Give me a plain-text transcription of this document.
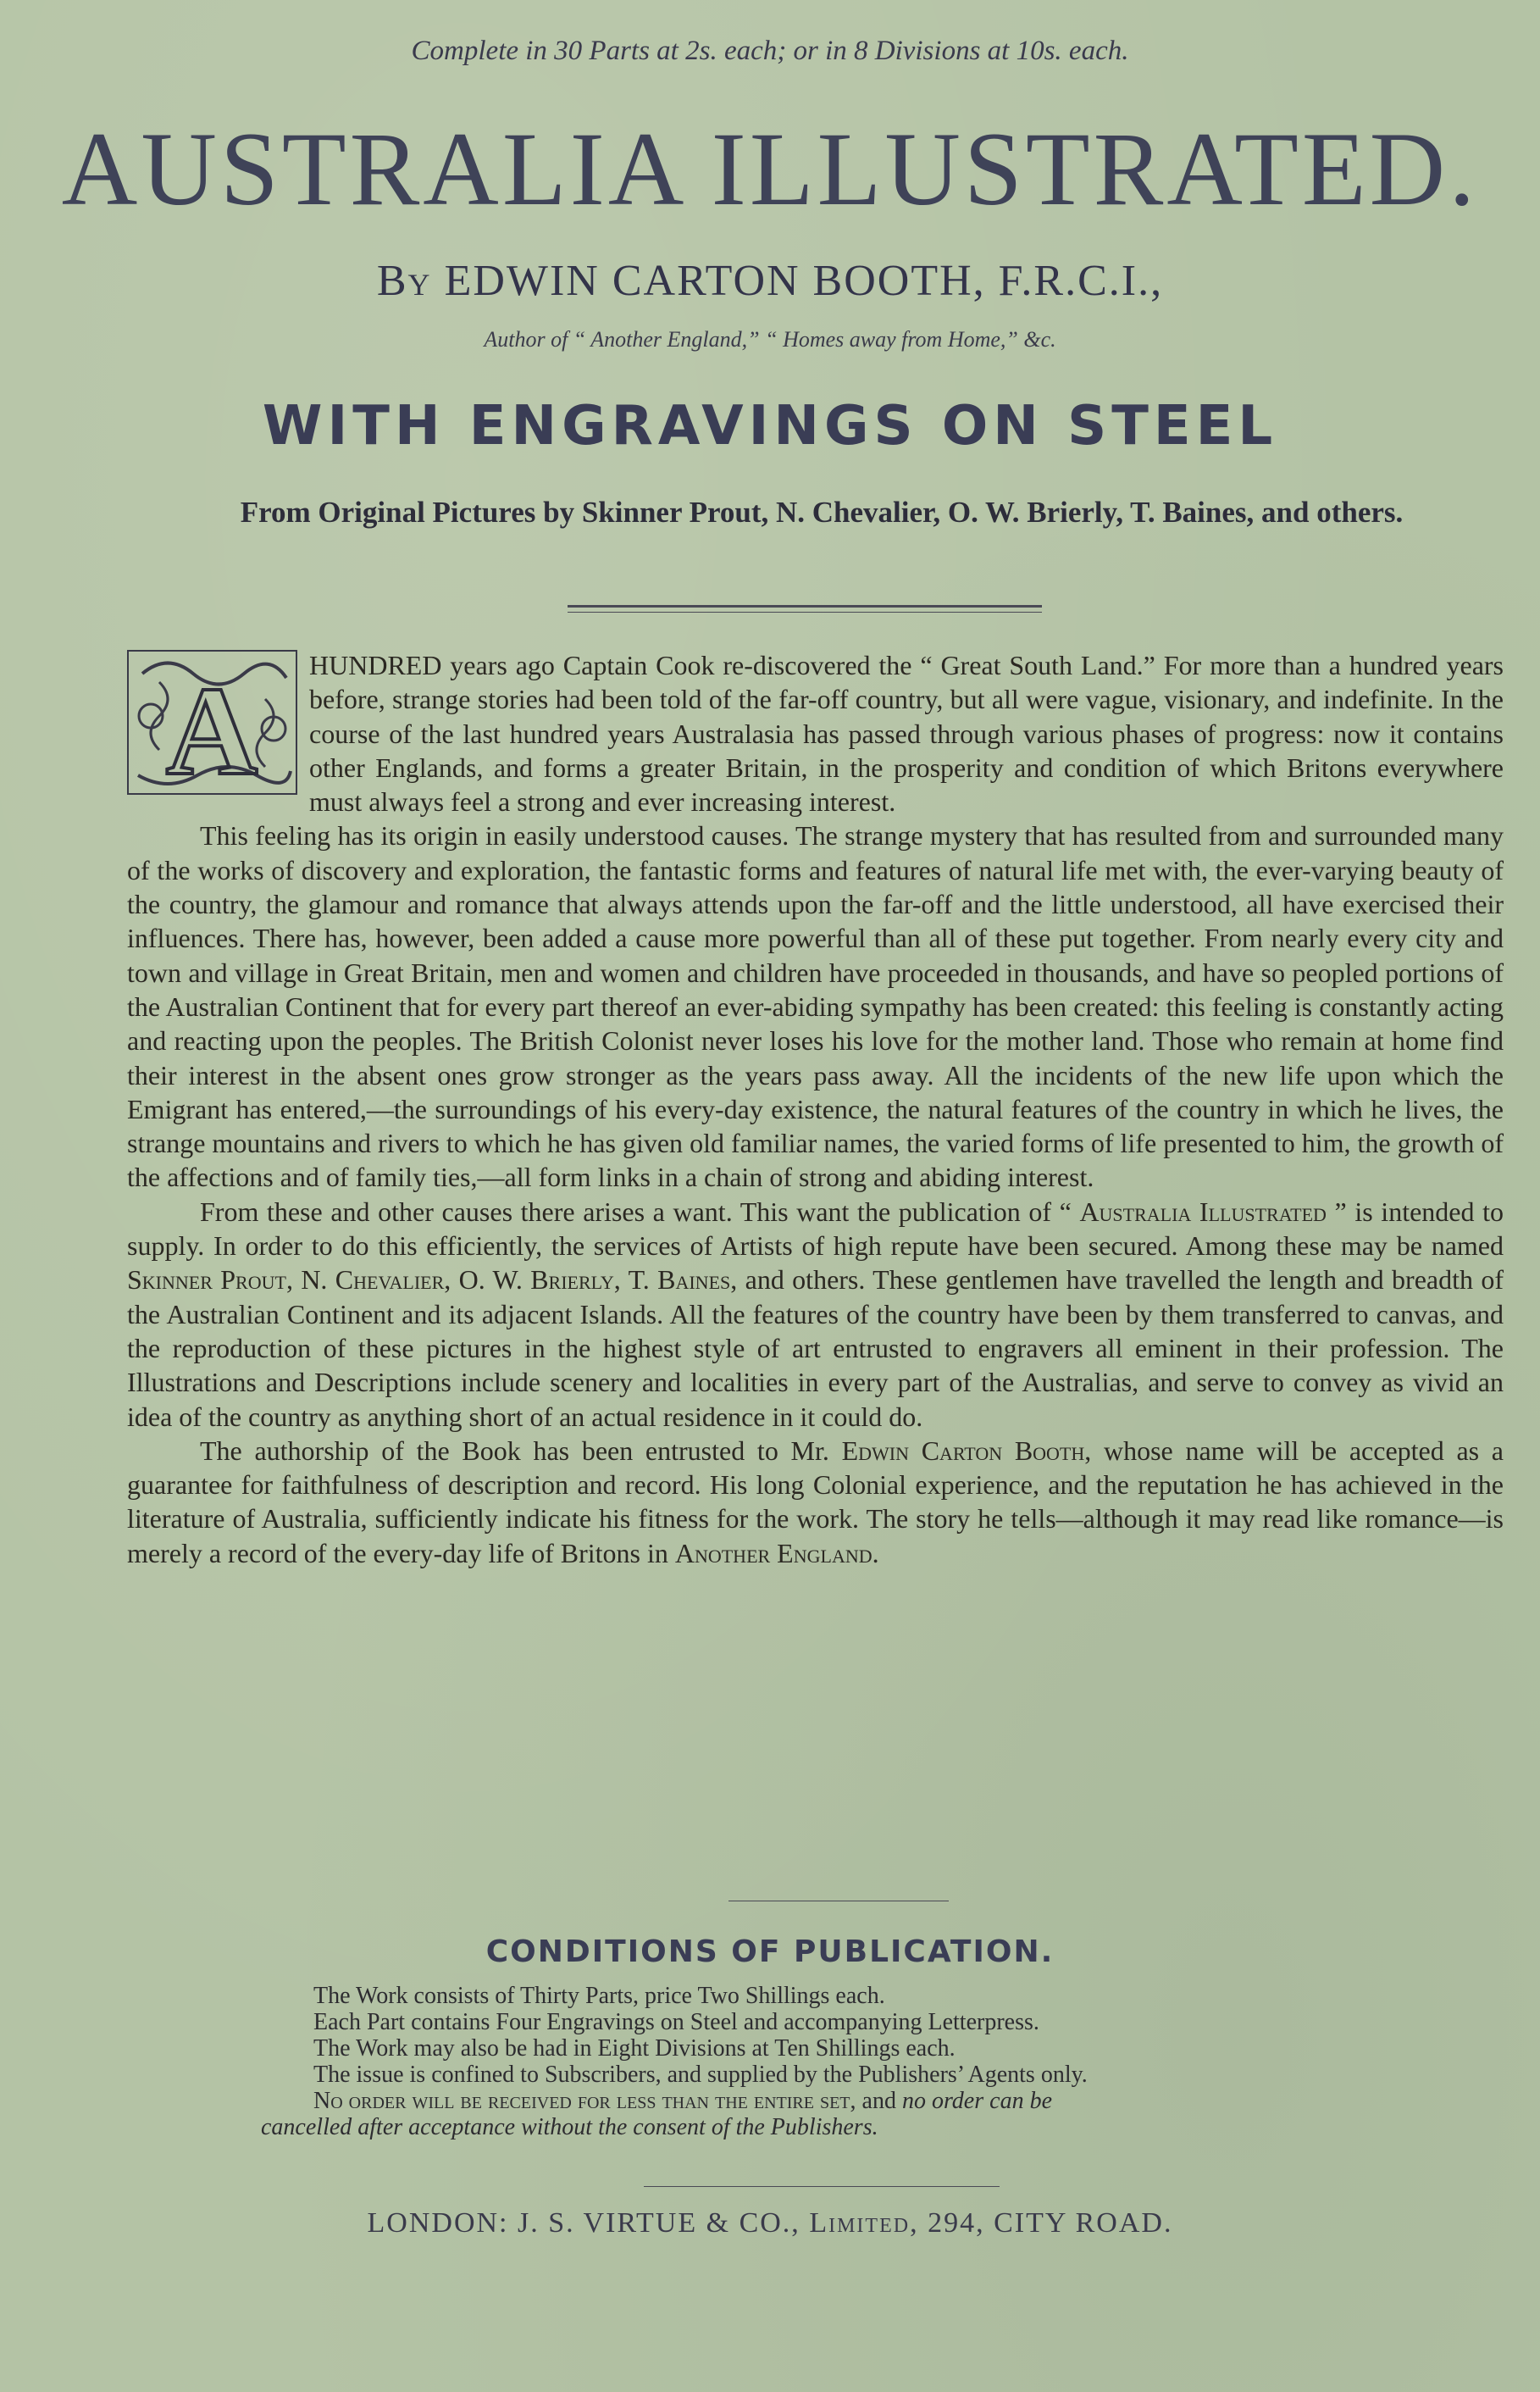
Complete in 30 Parts at 2s. each; or in 8 Divisions at 10s. each.
AUSTRALIA ILLUSTRATED.
By EDWIN CARTON BOOTH, F.R.C.I.,
Author of “ Another England,” “ Homes away from Home,” &c.
WITH ENGRAVINGS ON STEEL
From Original Pictures by Skinner Prout, N. Chevalier, O. W. Brierly, T. Baines, and others.

A HUNDRED years ago Captain Cook re-discovered the “ Great South Land.” For more than a hundred years before, strange stories had been told of the far-off country, but all were vague, visionary, and indefinite. In the course of the last hundred years Australasia has passed through various phases of progress: now it contains other Englands, and forms a greater Britain, in the prosperity and condition of which Britons everywhere must always feel a strong and ever increasing interest.

This feeling has its origin in easily understood causes. The strange mystery that has resulted from and surrounded many of the works of discovery and exploration, the fantastic forms and features of natural life met with, the ever-varying beauty of the country, the glamour and romance that always attends upon the far-off and the little understood, all have exercised their influences. There has, however, been added a cause more powerful than all of these put together. From nearly every city and town and village in Great Britain, men and women and children have proceeded in thousands, and have so peopled portions of the Australian Continent that for every part thereof an ever-abiding sympathy has been created: this feeling is constantly acting and reacting upon the peoples. The British Colonist never loses his love for the mother land. Those who remain at home find their interest in the absent ones grow stronger as the years pass away. All the incidents of the new life upon which the Emigrant has entered,—the surroundings of his every-day existence, the natural features of the country in which he lives, the strange mountains and rivers to which he has given old familiar names, the varied forms of life presented to him, the growth of the affections and of family ties,—all form links in a chain of strong and abiding interest.

From these and other causes there arises a want. This want the publication of “ Australia Illustrated ” is intended to supply. In order to do this efficiently, the services of Artists of high repute have been secured. Among these may be named Skinner Prout, N. Chevalier, O. W. Brierly, T. Baines, and others. These gentlemen have travelled the length and breadth of the Australian Continent and its adjacent Islands. All the features of the country have been by them transferred to canvas, and the reproduction of these pictures in the highest style of art entrusted to engravers all eminent in their profession. The Illustrations and Descriptions include scenery and localities in every part of the Australias, and serve to convey as vivid an idea of the country as anything short of an actual residence in it could do.

The authorship of the Book has been entrusted to Mr. Edwin Carton Booth, whose name will be accepted as a guarantee for faithfulness of description and record. His long Colonial experience, and the reputation he has achieved in the literature of Australia, sufficiently indicate his fitness for the work. The story he tells—although it may read like romance—is merely a record of the every-day life of Britons in Another England.

CONDITIONS OF PUBLICATION.
The Work consists of Thirty Parts, price Two Shillings each.
Each Part contains Four Engravings on Steel and accompanying Letterpress.
The Work may also be had in Eight Divisions at Ten Shillings each.
The issue is confined to Subscribers, and supplied by the Publishers’ Agents only.
No order will be received for less than the entire set, and no order can be
cancelled after acceptance without the consent of the Publishers.
LONDON: J. S. VIRTUE & CO., Limited, 294, CITY ROAD.
